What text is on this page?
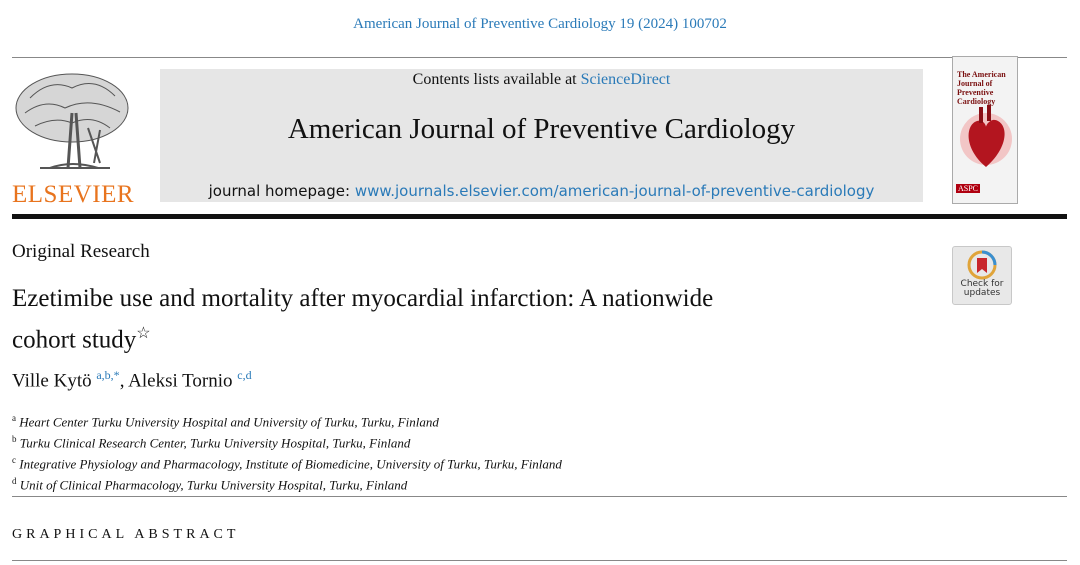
American Journal of Preventive Cardiology 19 (2024) 100702
ELSEVIER
Contents lists available at ScienceDirect
American Journal of Preventive Cardiology
journal homepage: www.journals.elsevier.com/american-journal-of-preventive-cardiology
The American Journal of Preventive Cardiology
ASPC
Original Research
Ezetimibe use and mortality after myocardial infarction: A nationwide
cohort study☆
Check for
updates
Ville Kytö $^{a,b,*}$, Aleksi Tornio $^{c,d}$
$^a$ Heart Center Turku University Hospital and University of Turku, Turku, Finland
$^b$ Turku Clinical Research Center, Turku University Hospital, Turku, Finland
$^c$ Integrative Physiology and Pharmacology, Institute of Biomedicine, University of Turku, Turku, Finland
$^d$ Unit of Clinical Pharmacology, Turku University Hospital, Turku, Finland
GRAPHICAL ABSTRACT
